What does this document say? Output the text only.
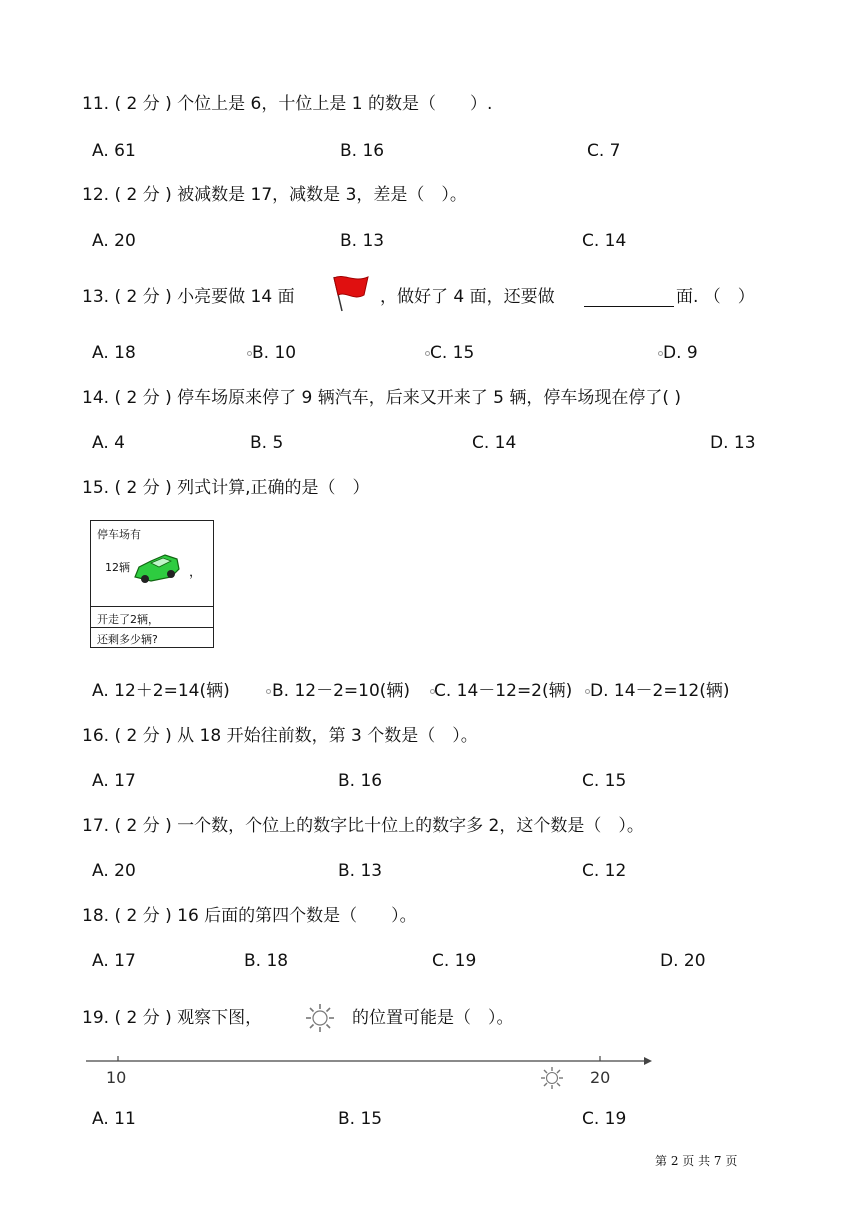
11. ( 2 分 ) 个位上是 6，十位上是 1 的数是（　　）.
A. 61	B. 16	C. 7
12. ( 2 分 ) 被减数是 17，减数是 3，差是（　）。
A. 20	B. 13	C. 14
13. ( 2 分 ) 小亮要做 14 面	，做好了 4 面，还要做	面. （　）
A. 18	B. 10	C. 15	D. 9
14. ( 2 分 ) 停车场原来停了 9 辆汽车，后来又开来了 5 辆，停车场现在停了( )
A. 4	B. 5	C. 14	D. 13
15. ( 2 分 ) 列式计算,正确的是（　）
停车场有
12辆	，
开走了2辆，
还剩多少辆?
A. 12＋2=14(辆) B. 12－2=10(辆) C. 14－12=2(辆) D. 14－2=12(辆)
16. ( 2 分 ) 从 18 开始往前数，第 3 个数是（　）。
A. 17	B. 16	C. 15
17. ( 2 分 ) 一个数，个位上的数字比十位上的数字多 2，这个数是（　）。
A. 20	B. 13	C. 12
18. ( 2 分 ) 16 后面的第四个数是（　　）。
A. 17	B. 18	C. 19	D. 20
19. ( 2 分 ) 观察下图，	的位置可能是（　）。
10	20
A. 11	B. 15	C. 19
第 2 页 共 7 页
